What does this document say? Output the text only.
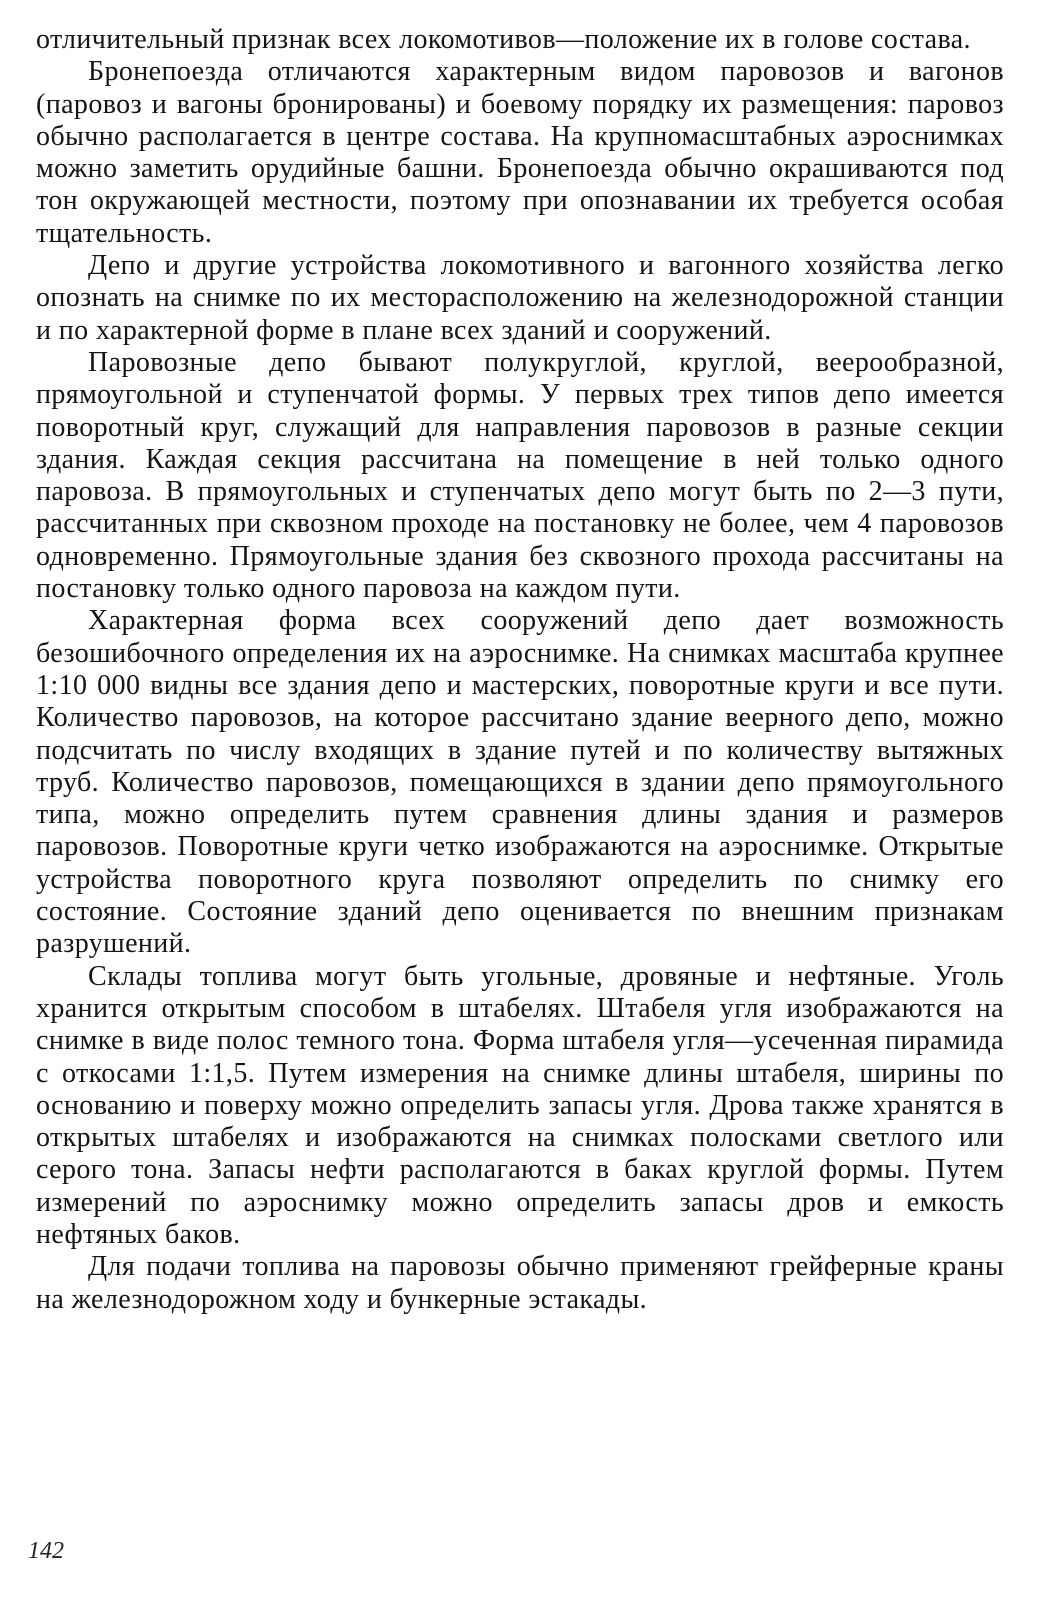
отличительный признак всех локомотивов—положение их в голове состава.

Бронепоезда отличаются характерным видом паровозов и вагонов (паровоз и вагоны бронированы) и боевому порядку их размещения: паровоз обычно располагается в центре состава. На крупномасштабных аэроснимках можно заметить орудийные башни. Бронепоезда обычно окрашиваются под тон окружающей местности, поэтому при опознавании их требуется особая тщательность.

Депо и другие устройства локомотивного и вагонного хозяйства легко опознать на снимке по их месторасположению на железнодорожной станции и по характерной форме в плане всех зданий и сооружений.

Паровозные депо бывают полукруглой, круглой, веерообразной, прямоугольной и ступенчатой формы. У первых трех типов депо имеется поворотный круг, служащий для направления паровозов в разные секции здания. Каждая секция рассчитана на помещение в ней только одного паровоза. В прямоугольных и ступенчатых депо могут быть по 2—3 пути, рассчитанных при сквозном проходе на постановку не более, чем 4 паровозов одновременно. Прямоугольные здания без сквозного прохода рассчитаны на постановку только одного паровоза на каждом пути.

Характерная форма всех сооружений депо дает возможность безошибочного определения их на аэроснимке. На снимках масштаба крупнее 1:10 000 видны все здания депо и мастерских, поворотные круги и все пути. Количество паровозов, на которое рассчитано здание веерного депо, можно подсчитать по числу входящих в здание путей и по количеству вытяжных труб. Количество паровозов, помещающихся в здании депо прямоугольного типа, можно определить путем сравнения длины здания и размеров паровозов. Поворотные круги четко изображаются на аэроснимке. Открытые устройства поворотного круга позволяют определить по снимку его состояние. Состояние зданий депо оценивается по внешним признакам разрушений.

Склады топлива могут быть угольные, дровяные и нефтяные. Уголь хранится открытым способом в штабелях. Штабеля угля изображаются на снимке в виде полос темного тона. Форма штабеля угля—усеченная пирамида с откосами 1:1,5. Путем измерения на снимке длины штабеля, ширины по основанию и поверху можно определить запасы угля. Дрова также хранятся в открытых штабелях и изображаются на снимках полосками светлого или серого тона. Запасы нефти располагаются в баках круглой формы. Путем измерений по аэроснимку можно определить запасы дров и емкость нефтяных баков.

Для подачи топлива на паровозы обычно применяют грейферные краны на железнодорожном ходу и бункерные эстакады.

142
